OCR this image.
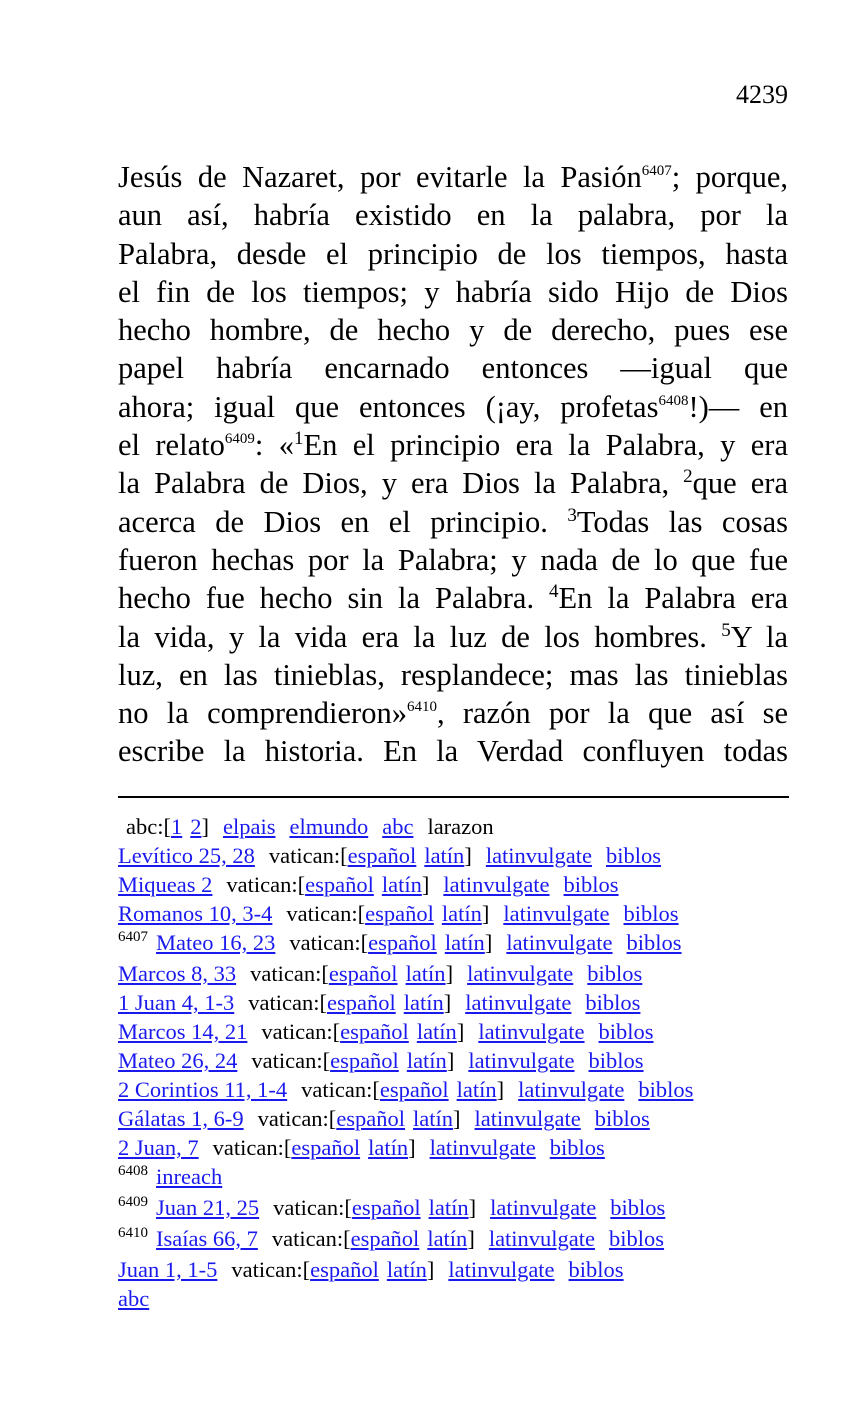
4239
Jesús de Nazaret, por evitarle la Pasión$^{6407}$; porque,
aun así, habría existido en la palabra, por la
Palabra, desde el principio de los tiempos, hasta
el fin de los tiempos; y habría sido Hijo de Dios
hecho hombre, de hecho y de derecho, pues ese
papel habría encarnado entonces —igual que
ahora; igual que entonces (¡ay, profetas$^{6408}$!)— en
el relato$^{6409}$: «$^1$En el principio era la Palabra, y era
la Palabra de Dios, y era Dios la Palabra, $^2$que era
acerca de Dios en el principio. $^3$Todas las cosas
fueron hechas por la Palabra; y nada de lo que fue
hecho fue hecho sin la Palabra. $^4$En la Palabra era
la vida, y la vida era la luz de los hombres. $^5$Y la
luz, en las tinieblas, resplandece; mas las tinieblas
no la comprendieron»$^{6410}$, razón por la que así se
escribe la historia. En la Verdad confluyen todas
abc:[1 2] elpais elmundo abc larazon
Levítico 25, 28 vatican:[español latín] latinvulgate biblos
Miqueas 2 vatican:[español latín] latinvulgate biblos
Romanos 10, 3-4 vatican:[español latín] latinvulgate biblos
$^{6407}$ Mateo 16, 23 vatican:[español latín] latinvulgate biblos
Marcos 8, 33 vatican:[español latín] latinvulgate biblos
1 Juan 4, 1-3 vatican:[español latín] latinvulgate biblos
Marcos 14, 21 vatican:[español latín] latinvulgate biblos
Mateo 26, 24 vatican:[español latín] latinvulgate biblos
2 Corintios 11, 1-4 vatican:[español latín] latinvulgate biblos
Gálatas 1, 6-9 vatican:[español latín] latinvulgate biblos
2 Juan, 7 vatican:[español latín] latinvulgate biblos
$^{6408}$ inreach
$^{6409}$ Juan 21, 25 vatican:[español latín] latinvulgate biblos
$^{6410}$ Isaías 66, 7 vatican:[español latín] latinvulgate biblos
Juan 1, 1-5 vatican:[español latín] latinvulgate biblos
abc
